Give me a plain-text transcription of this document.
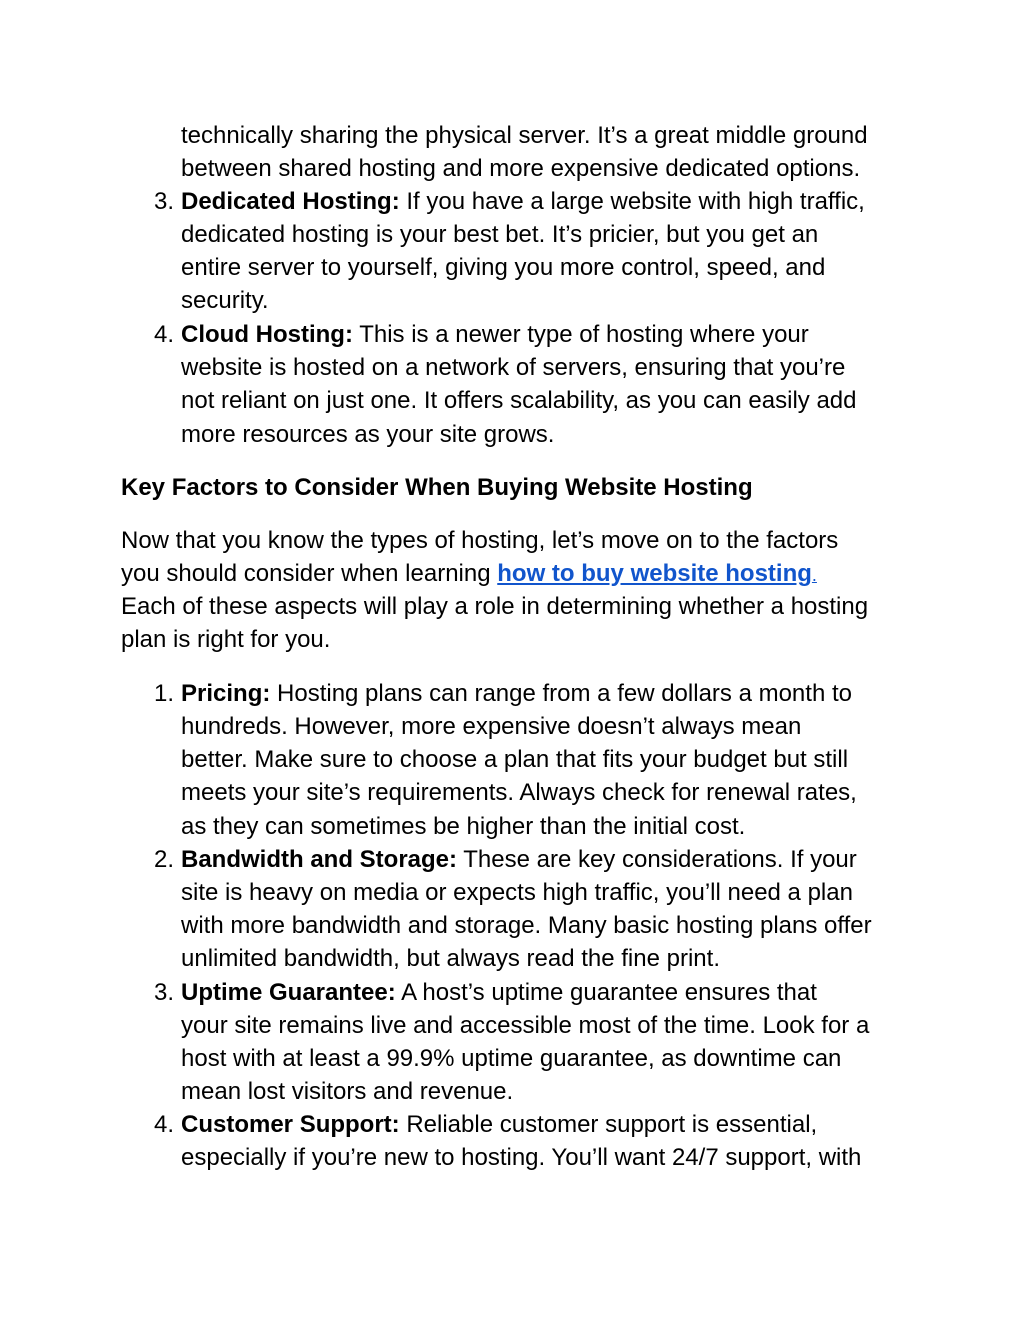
technically sharing the physical server. It’s a great middle ground
between shared hosting and more expensive dedicated options.
3. Dedicated Hosting: If you have a large website with high traffic,
dedicated hosting is your best bet. It’s pricier, but you get an
entire server to yourself, giving you more control, speed, and
security.
4. Cloud Hosting: This is a newer type of hosting where your
website is hosted on a network of servers, ensuring that you’re
not reliant on just one. It offers scalability, as you can easily add
more resources as your site grows.
Key Factors to Consider When Buying Website Hosting
Now that you know the types of hosting, let’s move on to the factors
you should consider when learning how to buy website hosting.
Each of these aspects will play a role in determining whether a hosting
plan is right for you.
1. Pricing: Hosting plans can range from a few dollars a month to
hundreds. However, more expensive doesn’t always mean
better. Make sure to choose a plan that fits your budget but still
meets your site’s requirements. Always check for renewal rates,
as they can sometimes be higher than the initial cost.
2. Bandwidth and Storage: These are key considerations. If your
site is heavy on media or expects high traffic, you’ll need a plan
with more bandwidth and storage. Many basic hosting plans offer
unlimited bandwidth, but always read the fine print.
3. Uptime Guarantee: A host’s uptime guarantee ensures that
your site remains live and accessible most of the time. Look for a
host with at least a 99.9% uptime guarantee, as downtime can
mean lost visitors and revenue.
4. Customer Support: Reliable customer support is essential,
especially if you’re new to hosting. You’ll want 24/7 support, with
